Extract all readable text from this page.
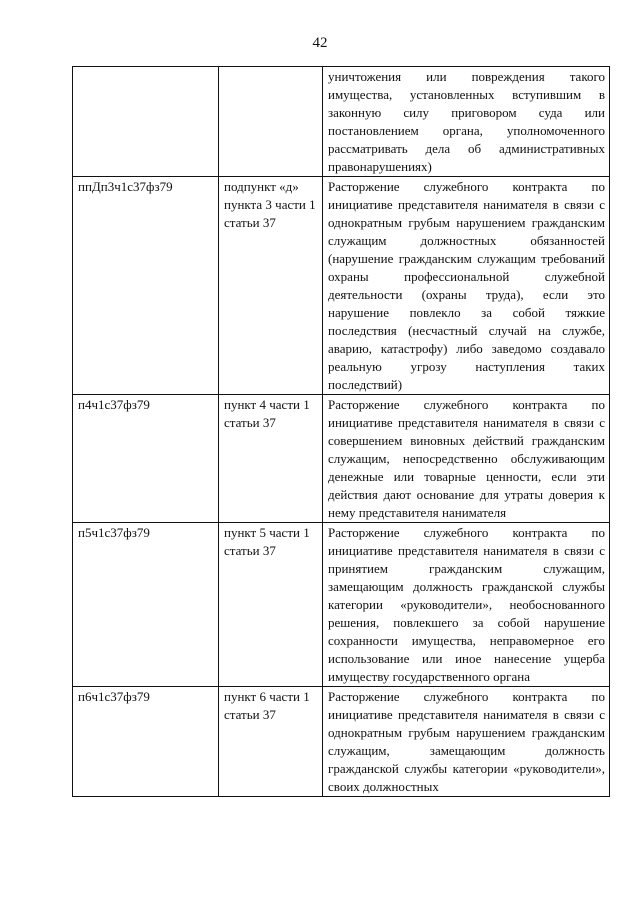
42

		уничтожения или повреждения такого имущества, установленных вступившим в законную силу приговором суда или постановлением органа, уполномоченного рассматривать дела об административных правонарушениях)

ппДп3ч1с37фз79	подпункт «д» пункта 3 части 1 статьи 37	Расторжение служебного контракта по инициативе представителя нанимателя в связи с однократным грубым нарушением гражданским служащим должностных обязанностей (нарушение гражданским служащим требований охраны профессиональной служебной деятельности (охраны труда), если это нарушение повлекло за собой тяжкие последствия (несчастный случай на службе, аварию, катастрофу) либо заведомо создавало реальную угрозу наступления таких последствий)

п4ч1с37фз79	пункт 4 части 1 статьи 37	Расторжение служебного контракта по инициативе представителя нанимателя в связи с совершением виновных действий гражданским служащим, непосредственно обслуживающим денежные или товарные ценности, если эти действия дают основание для утраты доверия к нему представителя нанимателя

п5ч1с37фз79	пункт 5 части 1 статьи 37	Расторжение служебного контракта по инициативе представителя нанимателя в связи с принятием гражданским служащим, замещающим должность гражданской службы категории «руководители», необоснованного решения, повлекшего за собой нарушение сохранности имущества, неправомерное его использование или иное нанесение ущерба имуществу государственного органа

п6ч1с37фз79	пункт 6 части 1 статьи 37	Расторжение служебного контракта по инициативе представителя нанимателя в связи с однократным грубым нарушением гражданским служащим, замещающим должность гражданской службы категории «руководители», своих должностных
